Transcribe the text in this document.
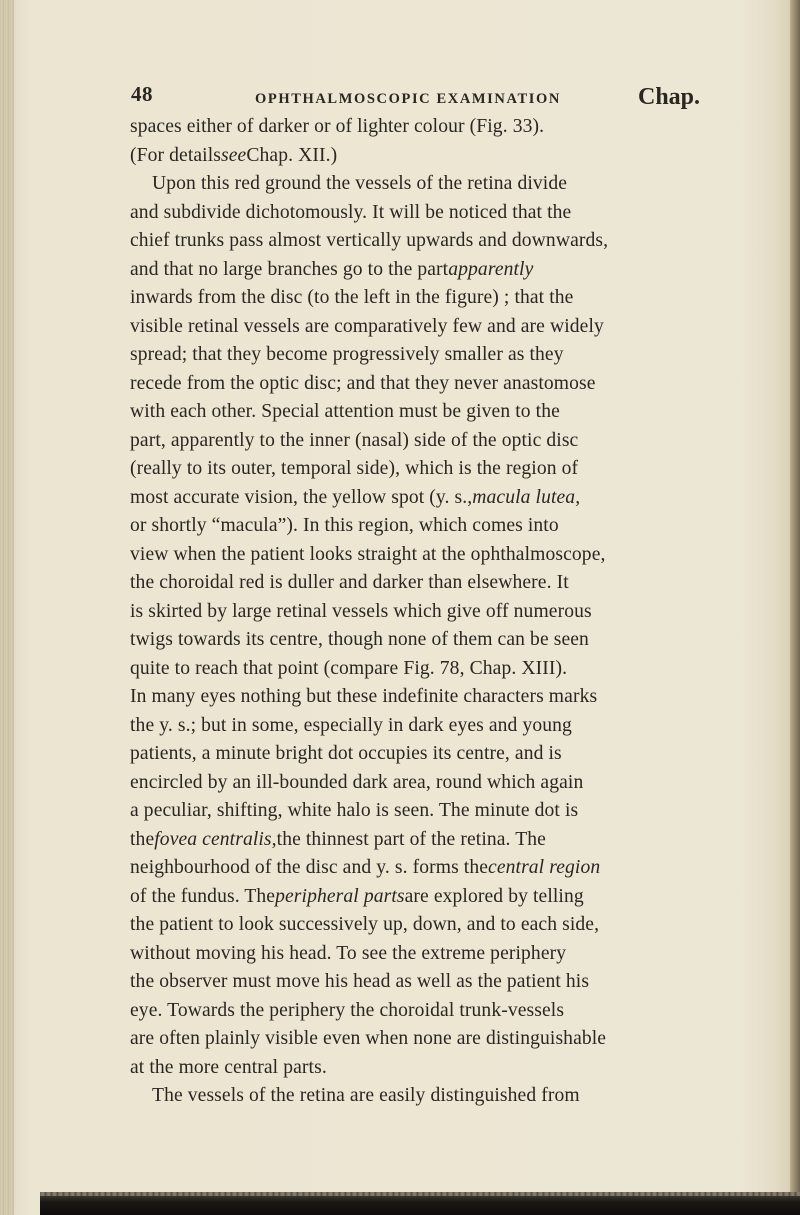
48	OPHTHALMOSCOPIC EXAMINATION	Chap.
spaces either of darker or of lighter colour (Fig. 33).
(For details see Chap. XII.)
Upon this red ground the vessels of the retina divide
and subdivide dichotomously. It will be noticed that the
chief trunks pass almost vertically upwards and downwards,
and that no large branches go to the partapparently
inwards from the disc (to the left in the figure) ; that the
visible retinal vessels are comparatively few and are widely
spread; that they become progressively smaller as they
recede from the optic disc; and that they never anastomose
with each other. Special attention must be given to the
part, apparently to the inner (nasal) side of the optic disc
(really to its outer, temporal side), which is the region of
most accurate vision, the yellow spot (y. s.,macula lutea,
or shortly “macula”). In this region, which comes into
view when the patient looks straight at the ophthalmoscope,
the choroidal red is duller and darker than elsewhere. It
is skirted by large retinal vessels which give off numerous
twigs towards its centre, though none of them can be seen
quite to reach that point (compare Fig. 78, Chap. XIII).
In many eyes nothing but these indefinite characters marks
the y. s.; but in some, especially in dark eyes and young
patients, a minute bright dot occupies its centre, and is
encircled by an ill-bounded dark area, round which again
a peculiar, shifting, white halo is seen. The minute dot is
thefovea centralis,the thinnest part of the retina. The
neighbourhood of the disc and y. s. forms thecentral region
of the fundus. Theperipheral partsare explored by telling
the patient to look successively up, down, and to each side,
without moving his head. To see the extreme periphery
the observer must move his head as well as the patient his
eye. Towards the periphery the choroidal trunk-vessels
are often plainly visible even when none are distinguishable
at the more central parts.
The vessels of the retina are easily distinguished from
